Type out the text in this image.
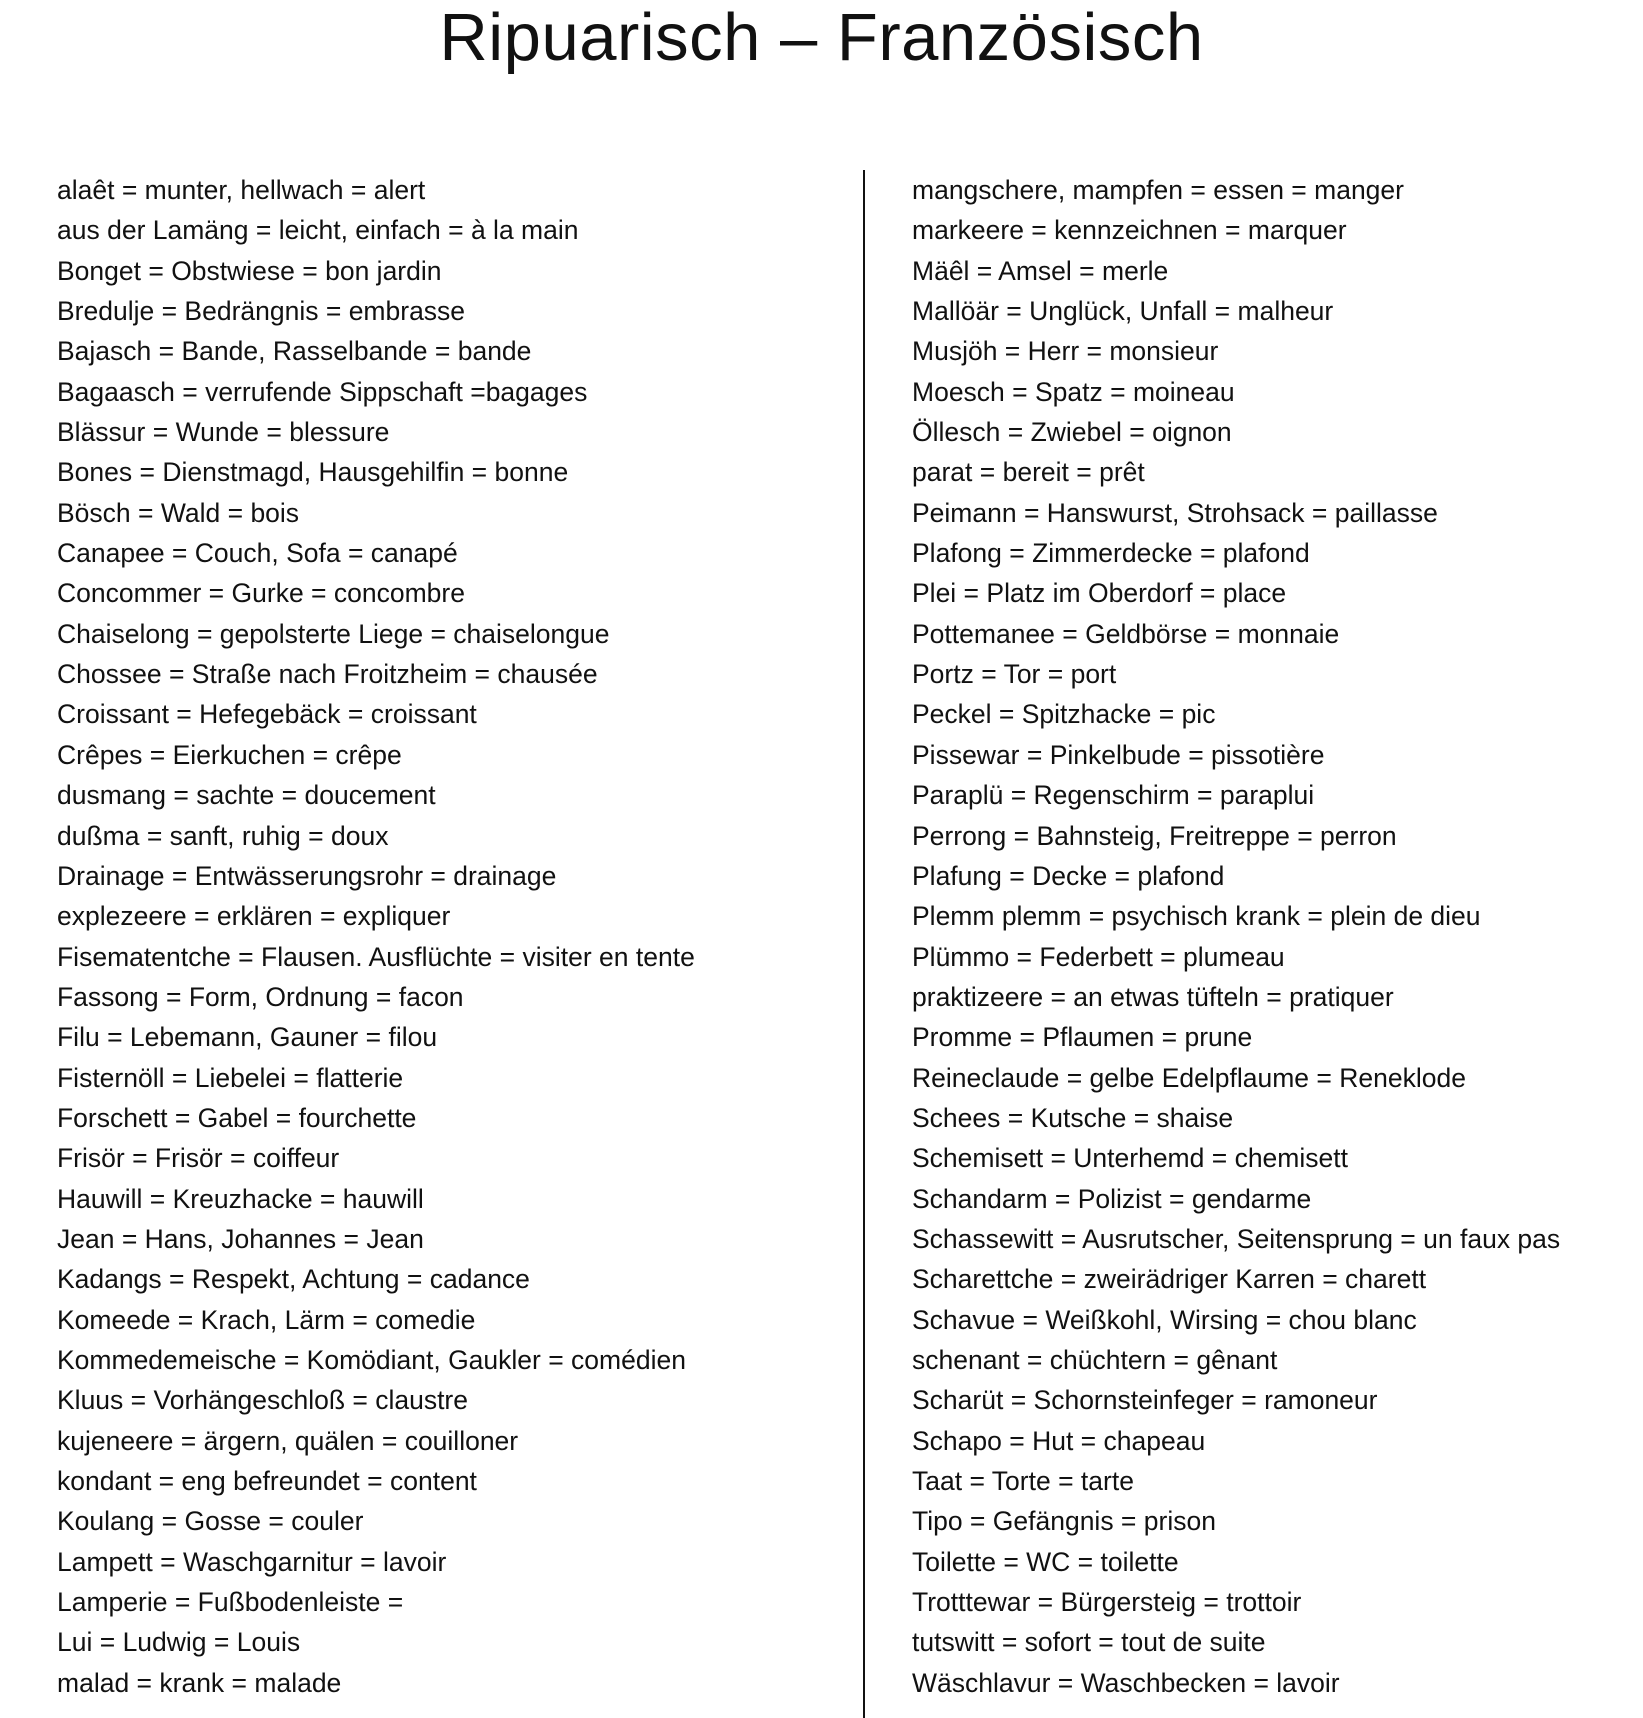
Ripuarisch – Französisch
alaêt = munter, hellwach = alert
aus der Lamäng = leicht, einfach = à la main
Bonget = Obstwiese = bon jardin
Bredulje = Bedrängnis = embrasse
Bajasch = Bande, Rasselbande = bande
Bagaasch = verrufende Sippschaft =bagages
Blässur = Wunde = blessure
Bones = Dienstmagd, Hausgehilfin = bonne
Bösch = Wald = bois
Canapee = Couch, Sofa = canapé
Concommer = Gurke = concombre
Chaiselong = gepolsterte Liege = chaiselongue
Chossee = Straße nach Froitzheim = chausée
Croissant = Hefegebäck = croissant
Crêpes = Eierkuchen = crêpe
dusmang = sachte = doucement
dußma = sanft, ruhig = doux
Drainage = Entwässerungsrohr = drainage
explezeere = erklären = expliquer
Fisematentche = Flausen. Ausflüchte = visiter en tente
Fassong = Form, Ordnung = facon
Filu = Lebemann, Gauner = filou
Fisternöll = Liebelei = flatterie
Forschett = Gabel = fourchette
Frisör = Frisör = coiffeur
Hauwill = Kreuzhacke = hauwill
Jean = Hans, Johannes = Jean
Kadangs = Respekt, Achtung = cadance
Komeede = Krach, Lärm = comedie
Kommedemeische = Komödiant, Gaukler = comédien
Kluus = Vorhängeschloß = claustre
kujeneere = ärgern, quälen = couilloner
kondant = eng befreundet = content
Koulang = Gosse = couler
Lampett = Waschgarnitur = lavoir
Lamperie = Fußbodenleiste =
Lui = Ludwig = Louis
malad = krank = malade
mangschere, mampfen = essen = manger
markeere = kennzeichnen = marquer
Mäêl = Amsel = merle
Mallöär = Unglück, Unfall = malheur
Musjöh = Herr = monsieur
Moesch = Spatz = moineau
Öllesch = Zwiebel = oignon
parat = bereit = prêt
Peimann = Hanswurst, Strohsack = paillasse
Plafong = Zimmerdecke = plafond
Plei = Platz im Oberdorf = place
Pottemanee = Geldbörse = monnaie
Portz = Tor = port
Peckel = Spitzhacke = pic
Pissewar = Pinkelbude = pissotière
Paraplü = Regenschirm = paraplui
Perrong = Bahnsteig, Freitreppe = perron
Plafung = Decke = plafond
Plemm plemm = psychisch krank = plein de dieu
Plümmo = Federbett = plumeau
praktizeere = an etwas tüfteln = pratiquer
Promme = Pflaumen = prune
Reineclaude = gelbe Edelpflaume = Reneklode
Schees = Kutsche = shaise
Schemisett = Unterhemd = chemisett
Schandarm = Polizist = gendarme
Schassewitt = Ausrutscher, Seitensprung = un faux pas
Scharettche = zweirädriger Karren = charett
Schavue = Weißkohl, Wirsing = chou blanc
schenant = chüchtern = gênant
Scharüt = Schornsteinfeger = ramoneur
Schapo = Hut = chapeau
Taat = Torte = tarte
Tipo = Gefängnis = prison
Toilette = WC = toilette
Trotttewar = Bürgersteig = trottoir
tutswitt = sofort = tout de suite
Wäschlavur = Waschbecken = lavoir
